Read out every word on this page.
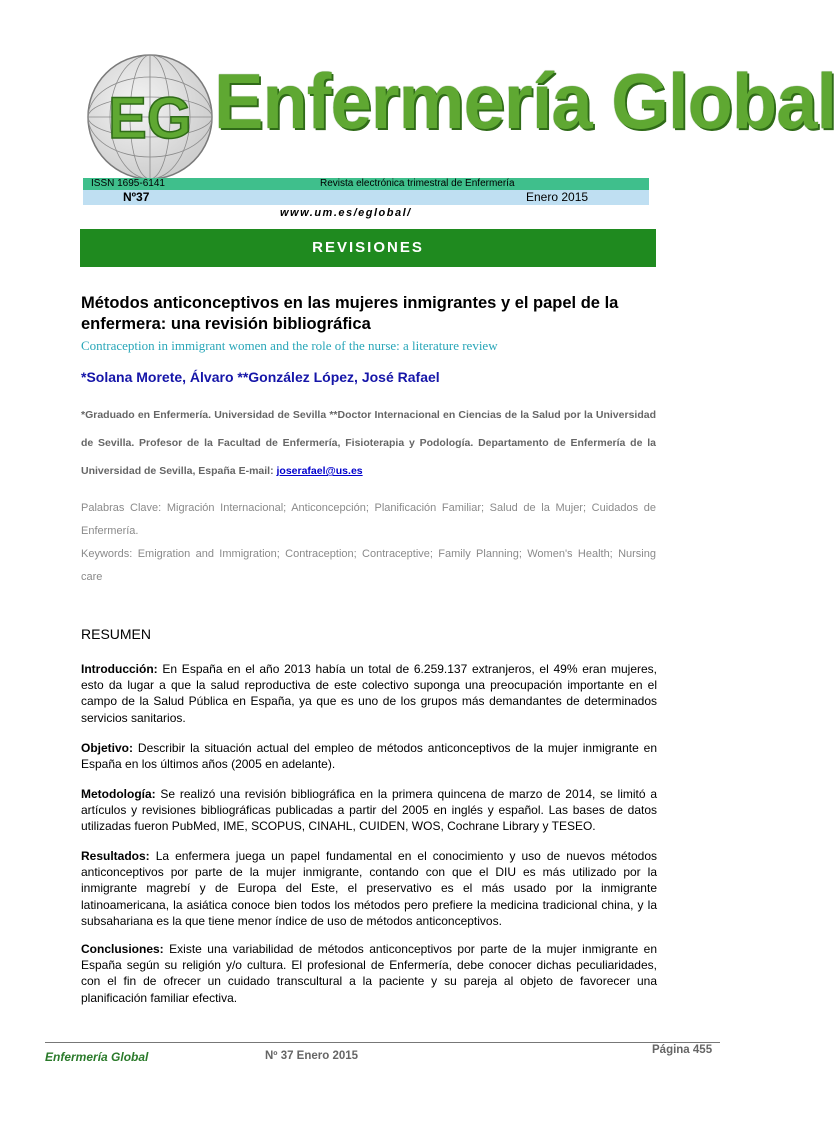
EG Enfermería Global
ISSN 1695-6141	Revista electrónica trimestral de Enfermería
Nº37	Enero 2015
www.um.es/eglobal/
REVISIONES
Métodos anticonceptivos en las mujeres inmigrantes y el papel de la enfermera: una revisión bibliográfica
Contraception in immigrant women and the role of the nurse: a literature review
*Solana Morete, Álvaro **González López, José Rafael
*Graduado en Enfermería. Universidad de Sevilla **Doctor Internacional en Ciencias de la Salud por la Universidad de Sevilla. Profesor de la Facultad de Enfermería, Fisioterapia y Podología. Departamento de Enfermería de la Universidad de Sevilla, España E-mail: joserafael@us.es
Palabras Clave: Migración Internacional; Anticoncepción; Planificación Familiar; Salud de la Mujer; Cuidados de Enfermería.
Keywords: Emigration and Immigration; Contraception; Contraceptive; Family Planning; Women's Health; Nursing care
RESUMEN
Introducción: En España en el año 2013 había un total de 6.259.137 extranjeros, el 49% eran mujeres, esto da lugar a que la salud reproductiva de este colectivo suponga una preocupación importante en el campo de la Salud Pública en España, ya que es uno de los grupos más demandantes de determinados servicios sanitarios.
Objetivo: Describir la situación actual del empleo de métodos anticonceptivos de la mujer inmigrante en España en los últimos años (2005 en adelante).
Metodología: Se realizó una revisión bibliográfica en la primera quincena de marzo de 2014, se limitó a artículos y revisiones bibliográficas publicadas a partir del 2005 en inglés y español. Las bases de datos utilizadas fueron PubMed, IME, SCOPUS, CINAHL, CUIDEN, WOS, Cochrane Library y TESEO.
Resultados: La enfermera juega un papel fundamental en el conocimiento y uso de nuevos métodos anticonceptivos por parte de la mujer inmigrante, contando con que el DIU es más utilizado por la inmigrante magrebí y de Europa del Este, el preservativo es el más usado por la inmigrante latinoamericana, la asiática conoce bien todos los métodos pero prefiere la medicina tradicional china, y la subsahariana es la que tiene menor índice de uso de métodos anticonceptivos.
Conclusiones: Existe una variabilidad de métodos anticonceptivos por parte de la mujer inmigrante en España según su religión y/o cultura. El profesional de Enfermería, debe conocer dichas peculiaridades, con el fin de ofrecer un cuidado transcultural a la paciente y su pareja al objeto de favorecer una planificación familiar efectiva.
Enfermería Global	Nº 37 Enero 2015	Página 455
